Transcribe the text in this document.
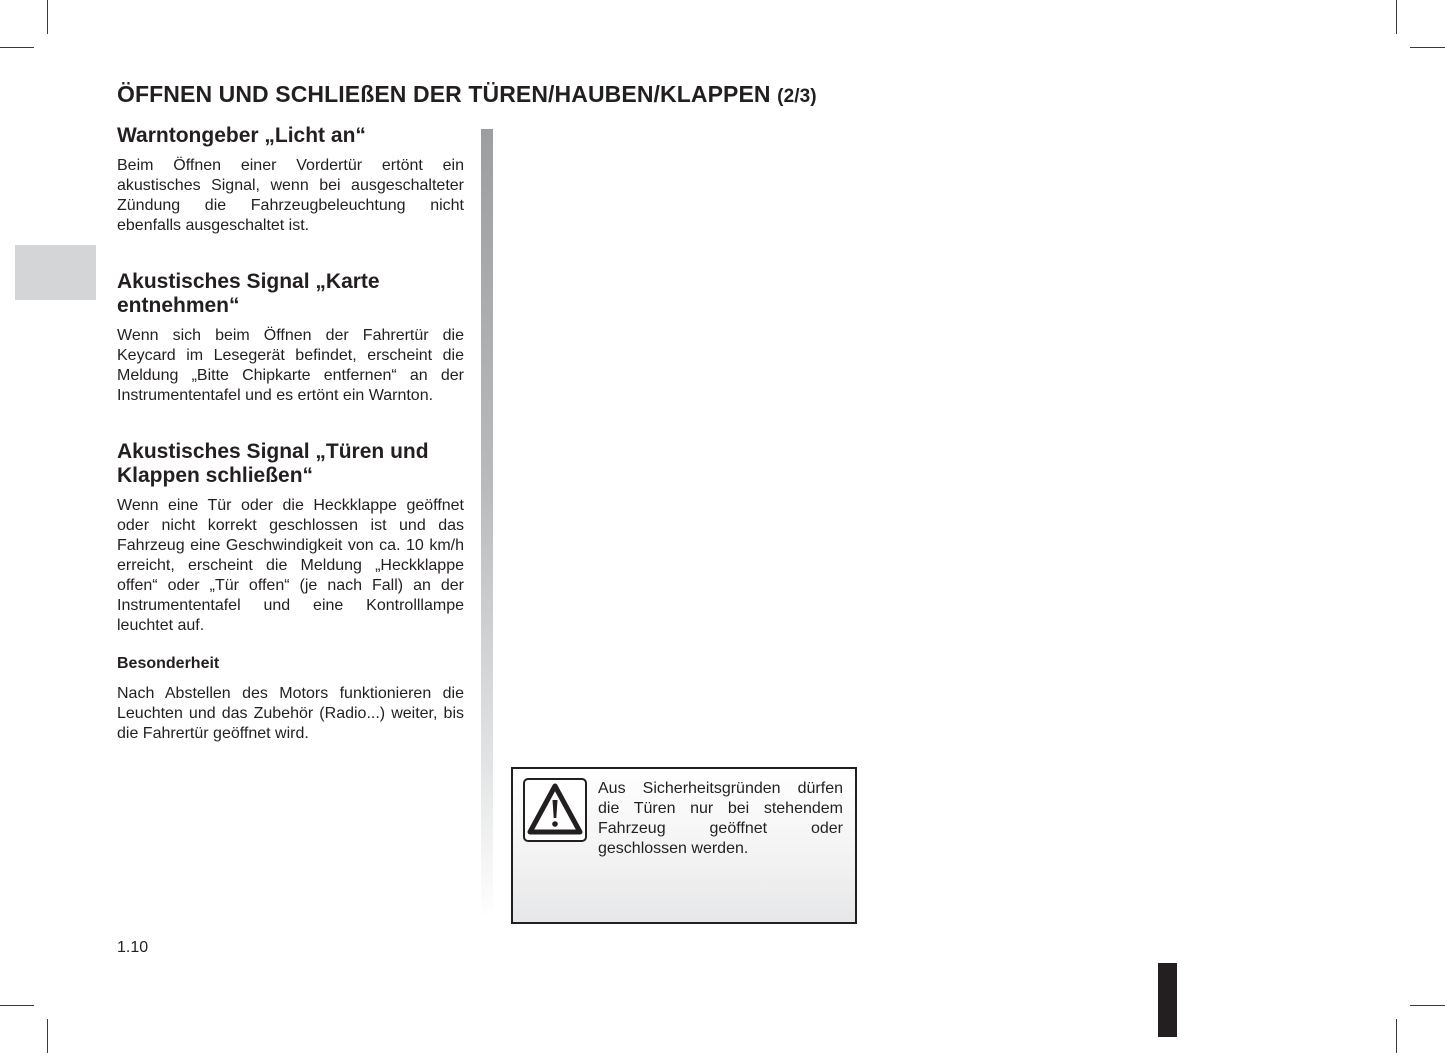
ÖFFNEN UND SCHLIEßEN DER TÜREN/HAUBEN/KLAPPEN (2/3)
Warntongeber „Licht an“

Beim Öffnen einer Vordertür ertönt ein akustisches Signal, wenn bei ausgeschalteter Zündung die Fahrzeugbeleuchtung nicht ebenfalls ausgeschaltet ist.

Akustisches Signal „Karte entnehmen“

Wenn sich beim Öffnen der Fahrertür die Keycard im Lesegerät befindet, erscheint die Meldung „Bitte Chipkarte entfernen“ an der Instrumententafel und es ertönt ein Warnton.

Akustisches Signal „Türen und Klappen schließen“

Wenn eine Tür oder die Heckklappe geöffnet oder nicht korrekt geschlossen ist und das Fahrzeug eine Geschwindigkeit von ca. 10 km/h erreicht, erscheint die Meldung „Heckklappe offen“ oder „Tür offen“ (je nach Fall) an der Instrumententafel und eine Kontrolllampe leuchtet auf.

Besonderheit

Nach Abstellen des Motors funktionieren die Leuchten und das Zubehör (Radio...) weiter, bis die Fahrertür geöffnet wird.

Aus Sicherheitsgründen dürfen die Türen nur bei stehendem Fahrzeug geöffnet oder geschlossen werden.
1.10
